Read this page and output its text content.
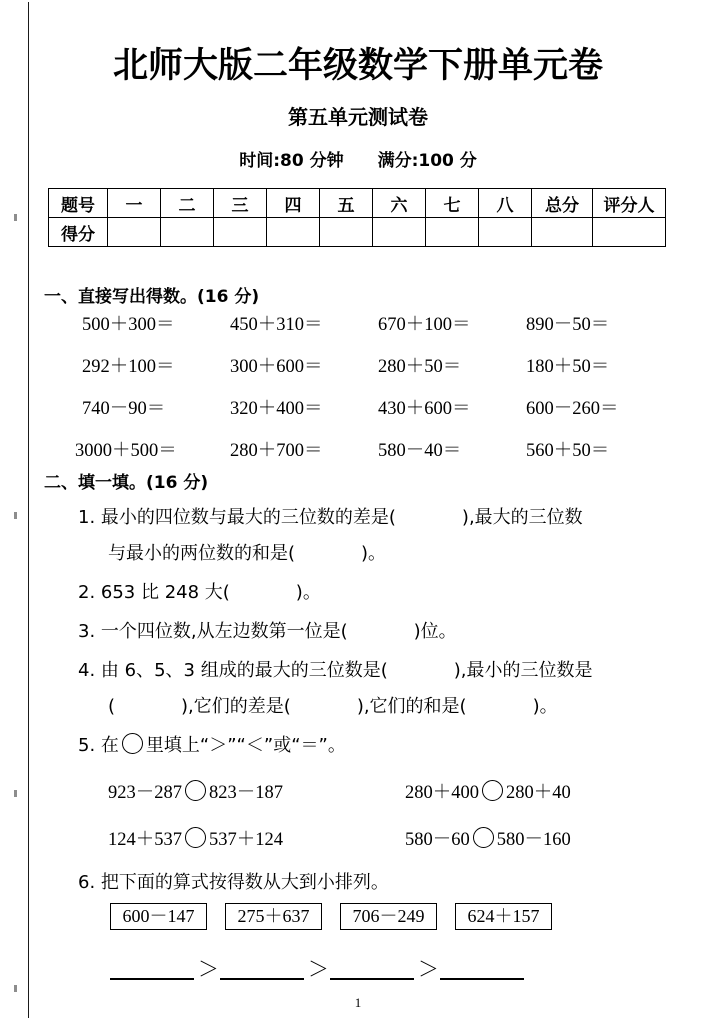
北师大版二年级数学下册单元卷
第五单元测试卷
时间:80 分钟 满分:100 分
题号	一	二	三	四	五	六	七	八	总分	评分人
得分										
一、直接写出得数。(16 分)
500＋300＝	450＋310＝	670＋100＝	890－50＝
292＋100＝	300＋600＝	280＋50＝	180＋50＝
740－90＝	320＋400＝	430＋600＝	600－260＝
3000＋500＝	280＋700＝	580－40＝	560＋50＝
二、填一填。(16 分)
1. 最小的四位数与最大的三位数的差是(	),最大的三位数
与最小的两位数的和是(	)。
2. 653 比 248 大(	)。
3. 一个四位数,从左边数第一位是(	)位。
4. 由 6、5、3 组成的最大的三位数是(	),最小的三位数是
(	),它们的差是(	),它们的和是(	)。
5. 在 里填上“＞”“＜”或“＝”。
923－287 823－187	280＋400 280＋40
124＋537 537＋124	580－60 580－160
6. 把下面的算式按得数从大到小排列。
600－147	275＋637	706－249	624＋157
＞	＞	＞
1
